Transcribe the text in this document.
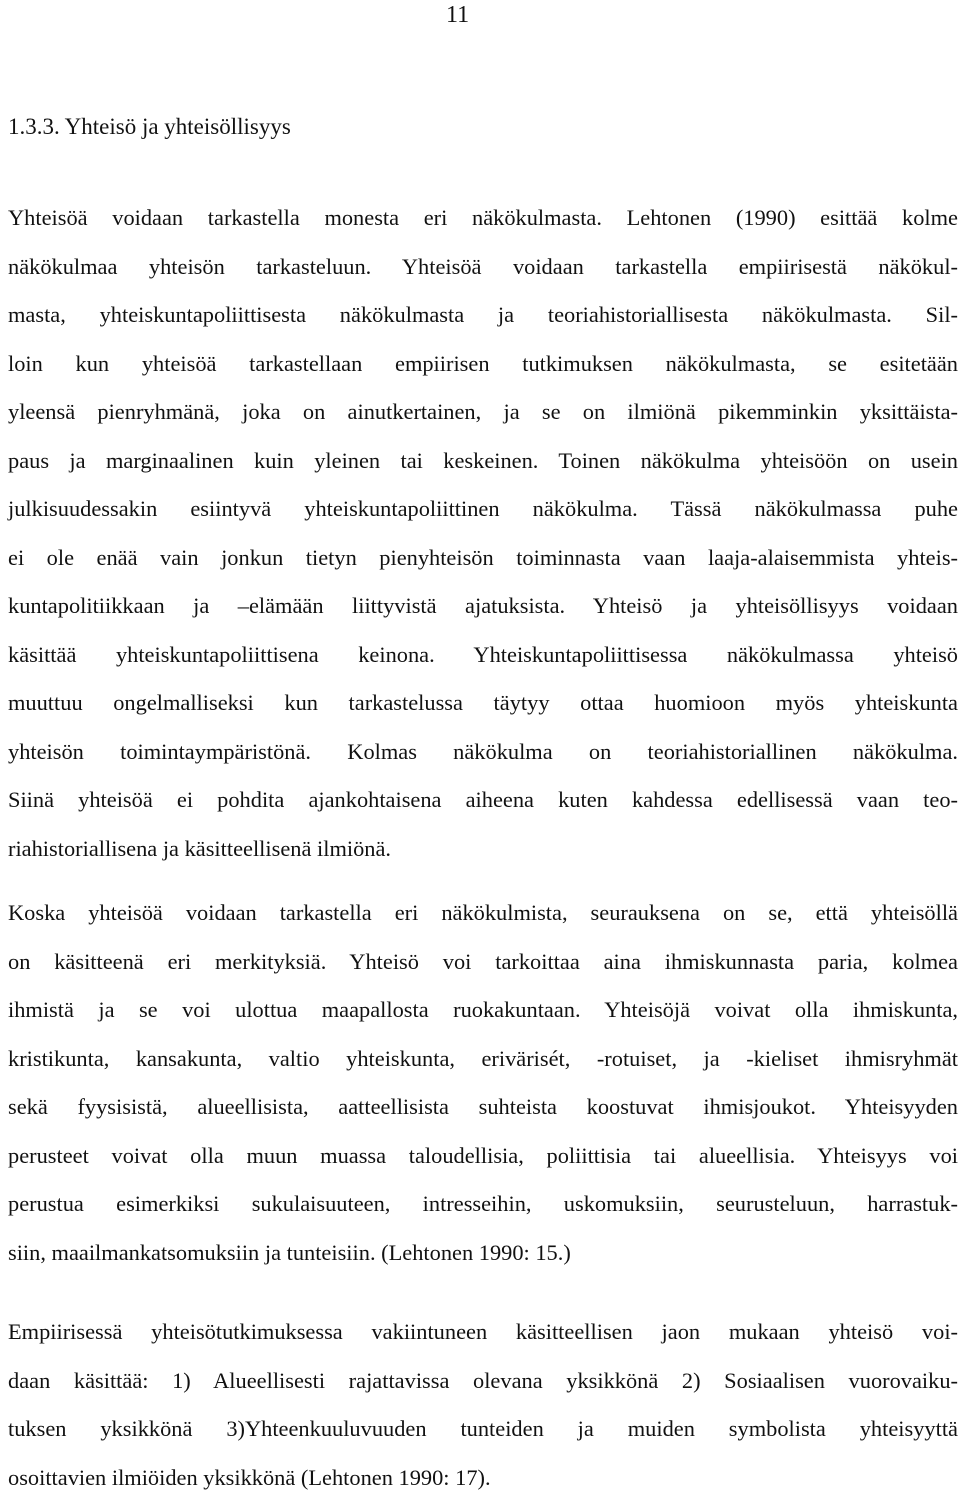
11
1.3.3. Yhteisö ja yhteisöllisyys

Yhteisöä voidaan tarkastella monesta eri näkökulmasta. Lehtonen (1990) esittää kolme
näkökulmaa yhteisön tarkasteluun. Yhteisöä voidaan tarkastella empiirisestä näkökul-
masta, yhteiskuntapoliittisesta näkökulmasta ja teoriahistoriallisesta näkökulmasta. Sil-
loin kun yhteisöä tarkastellaan empiirisen tutkimuksen näkökulmasta, se esitetään
yleensä pienryhmänä, joka on ainutkertainen, ja se on ilmiönä pikemminkin yksittäista-
paus ja marginaalinen kuin yleinen tai keskeinen. Toinen näkökulma yhteisöön on usein
julkisuudessakin esiintyvä yhteiskuntapoliittinen näkökulma. Tässä näkökulmassa puhe
ei ole enää vain jonkun tietyn pienyhteisön toiminnasta vaan laaja-alaisemmista yhteis-
kuntapolitiikkaan ja –elämään liittyvistä ajatuksista. Yhteisö ja yhteisöllisyys voidaan
käsittää yhteiskuntapoliittisena keinona. Yhteiskuntapoliittisessa näkökulmassa yhteisö
muuttuu ongelmalliseksi kun tarkastelussa täytyy ottaa huomioon myös yhteiskunta
yhteisön toimintaympäristönä. Kolmas näkökulma on teoriahistoriallinen näkökulma.
Siinä yhteisöä ei pohdita ajankohtaisena aiheena kuten kahdessa edellisessä vaan teo-
riahistoriallisena ja käsitteellisenä ilmiönä.

Koska yhteisöä voidaan tarkastella eri näkökulmista, seurauksena on se, että yhteisöllä
on käsitteenä eri merkityksiä. Yhteisö voi tarkoittaa aina ihmiskunnasta paria, kolmea
ihmistä ja se voi ulottua maapallosta ruokakuntaan. Yhteisöjä voivat olla ihmiskunta,
kristikunta, kansakunta, valtio yhteiskunta, erivärisét, -rotuiset, ja -kieliset ihmisryhmät
sekä fyysisistä, alueellisista, aatteellisista suhteista koostuvat ihmisjoukot. Yhteisyyden
perusteet voivat olla muun muassa taloudellisia, poliittisia tai alueellisia. Yhteisyys voi
perustua esimerkiksi sukulaisuuteen, intresseihin, uskomuksiin, seurusteluun, harrastuk-
siin, maailmankatsomuksiin ja tunteisiin. (Lehtonen 1990: 15.)

Empiirisessä yhteisötutkimuksessa vakiintuneen käsitteellisen jaon mukaan yhteisö voi-
daan käsittää: 1) Alueellisesti rajattavissa olevana yksikkönä 2) Sosiaalisen vuorovaiku-
tuksen yksikkönä 3)Yhteenkuuluvuuden tunteiden ja muiden symbolista yhteisyyttä
osoittavien ilmiöiden yksikkönä (Lehtonen 1990: 17).
